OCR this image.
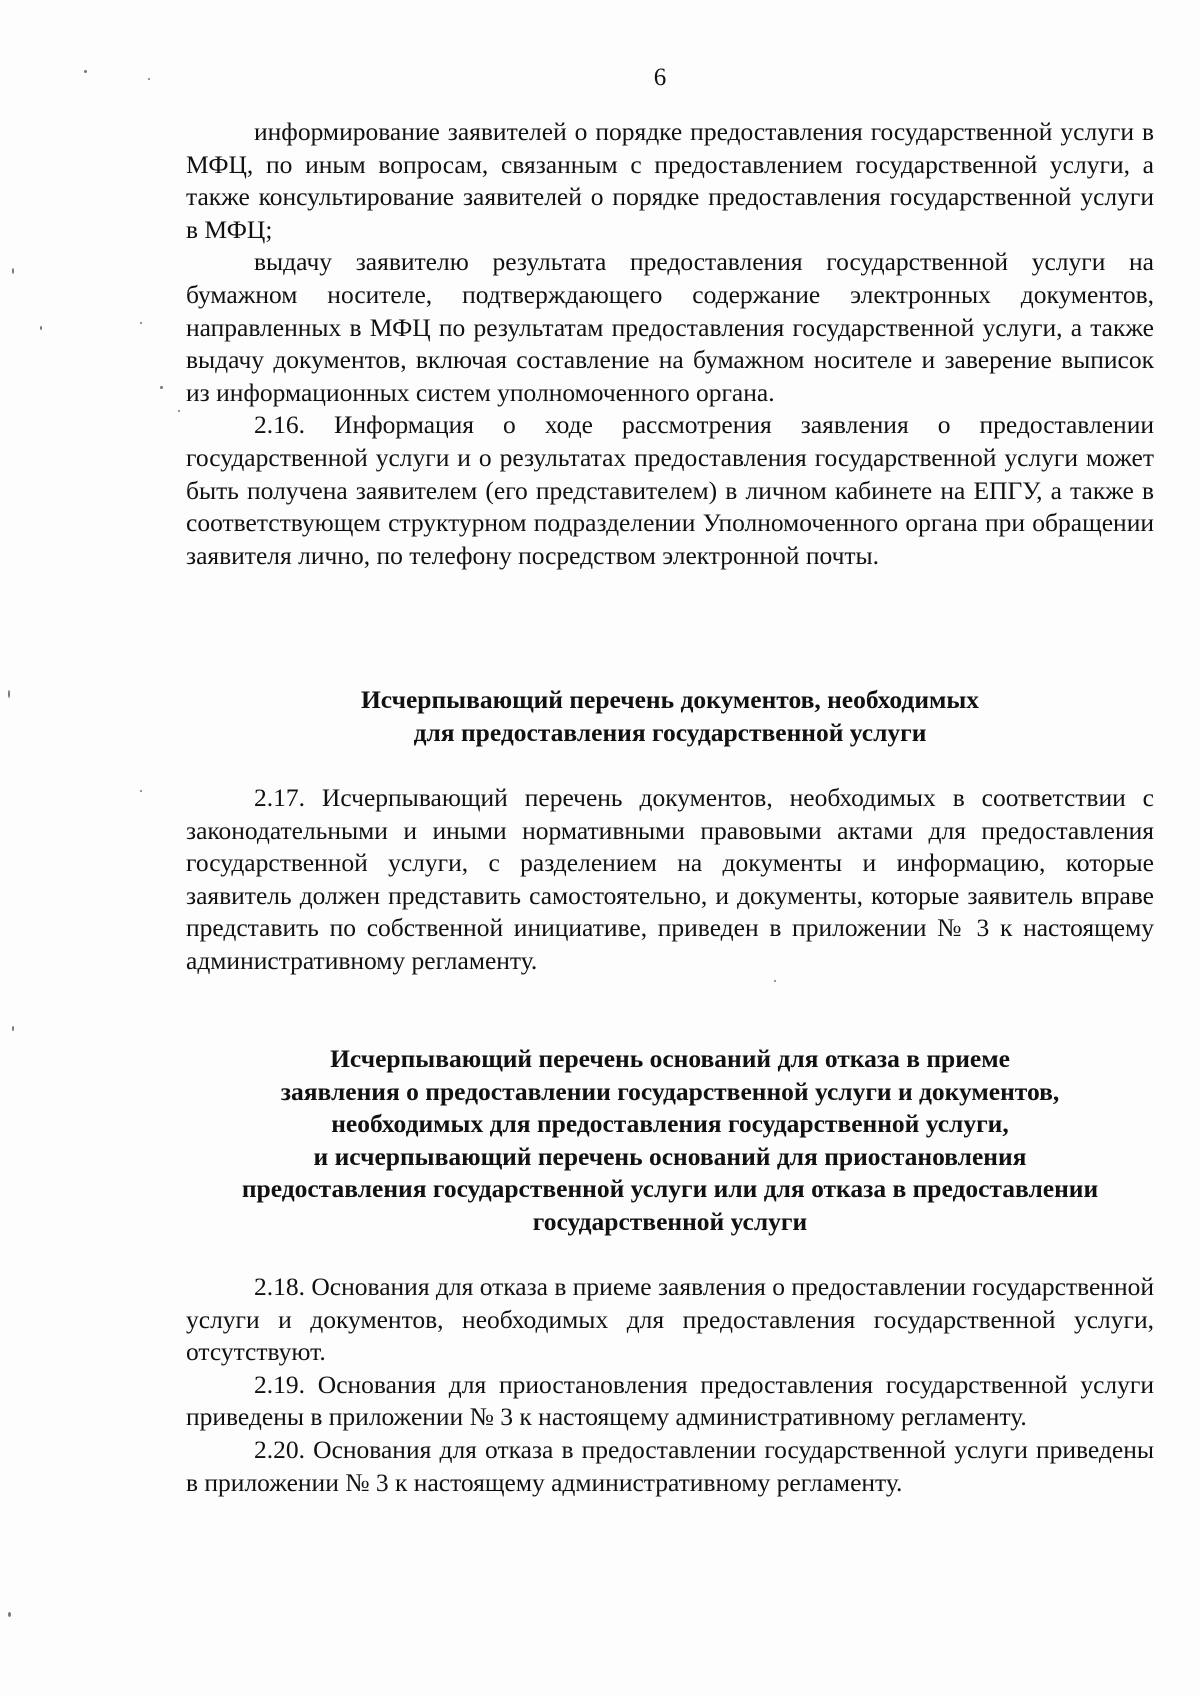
6

информирование заявителей о порядке предоставления государственной услуги в МФЦ, по иным вопросам, связанным с предоставлением государственной услуги, а также консультирование заявителей о порядке предоставления государственной услуги в МФЦ;

выдачу заявителю результата предоставления государственной услуги на бумажном носителе, подтверждающего содержание электронных документов, направленных в МФЦ по результатам предоставления государственной услуги, а также выдачу документов, включая составление на бумажном носителе и заверение выписок из информационных систем уполномоченного органа.

2.16. Информация о ходе рассмотрения заявления о предоставлении государственной услуги и о результатах предоставления государственной услуги может быть получена заявителем (его представителем) в личном кабинете на ЕПГУ, а также в соответствующем структурном подразделении Уполномоченного органа при обращении заявителя лично, по телефону посредством электронной почты.

Исчерпывающий перечень документов, необходимых
для предоставления государственной услуги

2.17. Исчерпывающий перечень документов, необходимых в соответствии с законодательными и иными нормативными правовыми актами для предоставления государственной услуги, с разделением на документы и информацию, которые заявитель должен представить самостоятельно, и документы, которые заявитель вправе представить по собственной инициативе, приведен в приложении № 3 к настоящему административному регламенту.

Исчерпывающий перечень оснований для отказа в приеме
заявления о предоставлении государственной услуги и документов,
необходимых для предоставления государственной услуги,
и исчерпывающий перечень оснований для приостановления
предоставления государственной услуги или для отказа в предоставлении
государственной услуги

2.18. Основания для отказа в приеме заявления о предоставлении государственной услуги и документов, необходимых для предоставления государственной услуги, отсутствуют.

2.19. Основания для приостановления предоставления государственной услуги приведены в приложении № 3 к настоящему административному регламенту.

2.20. Основания для отказа в предоставлении государственной услуги приведены в приложении № 3 к настоящему административному регламенту.
